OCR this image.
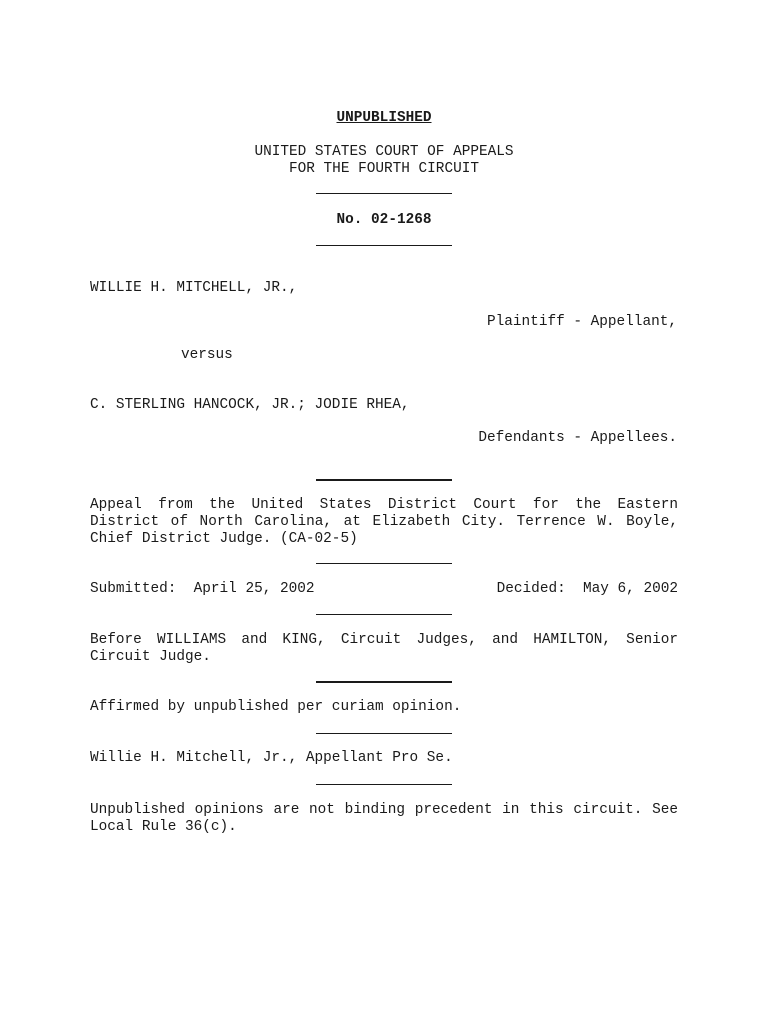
UNPUBLISHED
UNITED STATES COURT OF APPEALS
FOR THE FOURTH CIRCUIT
No. 02-1268
WILLIE H. MITCHELL, JR.,
Plaintiff - Appellant,
versus
C. STERLING HANCOCK, JR.; JODIE RHEA,
Defendants - Appellees.
Appeal from the United States District Court for the Eastern District of North Carolina, at Elizabeth City. Terrence W. Boyle, Chief District Judge. (CA-02-5)
Submitted:  April 25, 2002	Decided:  May 6, 2002
Before WILLIAMS and KING, Circuit Judges, and HAMILTON, Senior Circuit Judge.
Affirmed by unpublished per curiam opinion.
Willie H. Mitchell, Jr., Appellant Pro Se.
Unpublished opinions are not binding precedent in this circuit. See Local Rule 36(c).
